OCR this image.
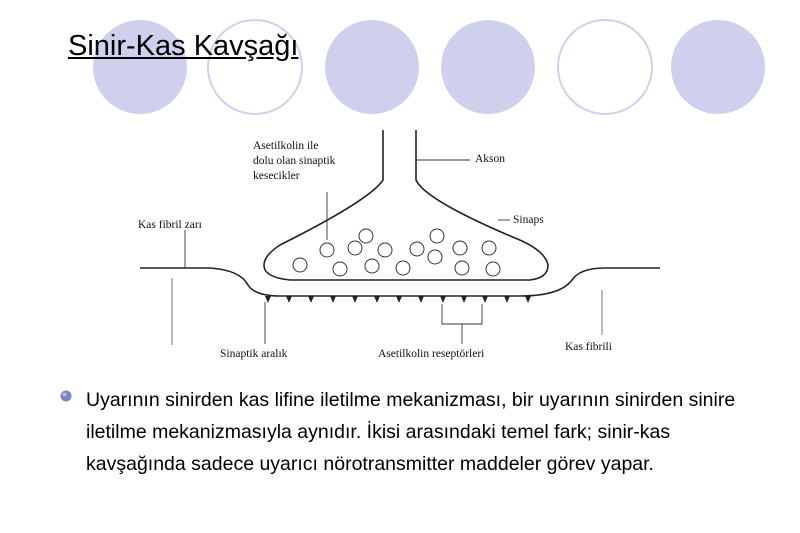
Sinir-Kas Kavşağı
Asetilkolin ile
dolu olan sinaptik
kesecikler
Akson
Sinaps
Kas fibril zarı
Sinaptik aralık	Asetilkolin reseptörleri
Kas fibrili
Uyarının sinirden kas lifine iletilme mekanizması, bir uyarının sinirden sinire iletilme mekanizmasıyla aynıdır. İkisi arasındaki temel fark; sinir-kas kavşağında sadece uyarıcı nörotransmitter maddeler görev yapar.
